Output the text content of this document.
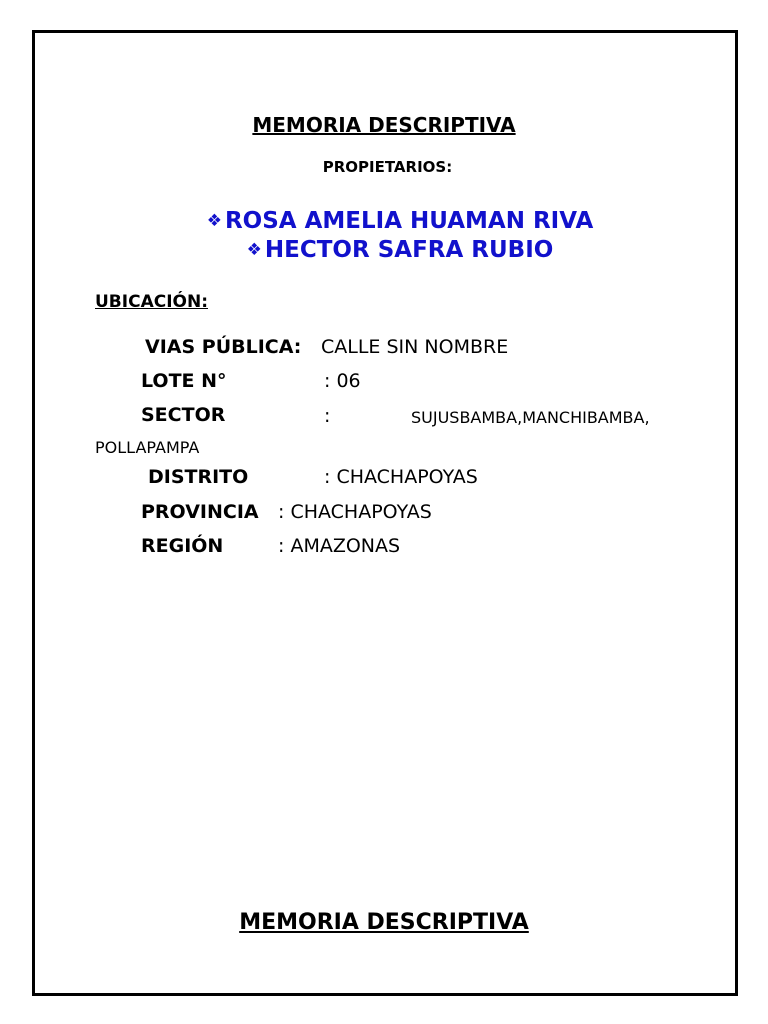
MEMORIA DESCRIPTIVA
PROPIETARIOS:
❖ ROSA AMELIA HUAMAN RIVA
❖ HECTOR SAFRA RUBIO
UBICACIÓN:
VIAS PÚBLICA: CALLE SIN NOMBRE
LOTE N°	: 06
SECTOR	:	SUJUSBAMBA,MANCHIBAMBA,
POLLAPAMPA
DISTRITO	: CHACHAPOYAS
PROVINCIA : CHACHAPOYAS
REGIÓN	: AMAZONAS
MEMORIA DESCRIPTIVA
